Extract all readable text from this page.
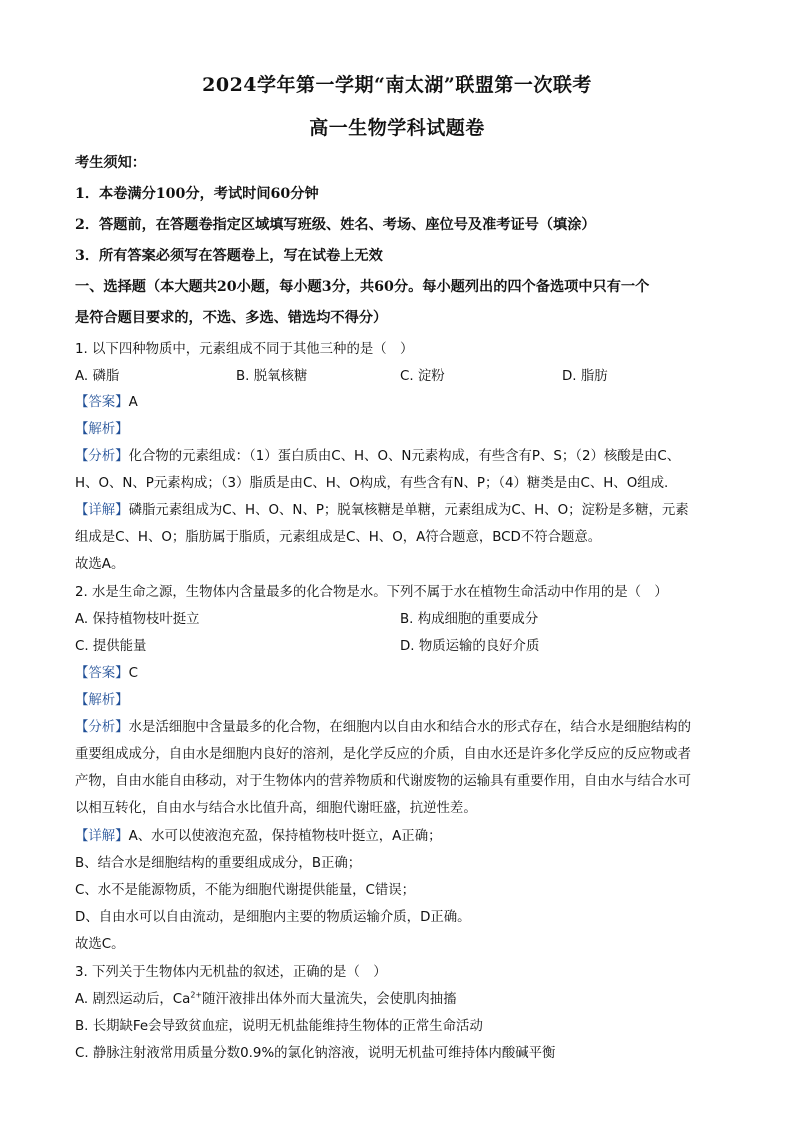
2024学年第一学期“南太湖”联盟第一次联考
高一生物学科试题卷
考生须知：
1．本卷满分100分，考试时间60分钟
2．答题前，在答题卷指定区域填写班级、姓名、考场、座位号及准考证号（填涂）
3．所有答案必须写在答题卷上，写在试卷上无效
一、选择题（本大题共20小题，每小题3分，共60分。每小题列出的四个备选项中只有一个
是符合题目要求的，不选、多选、错选均不得分）
1. 以下四种物质中，元素组成不同于其他三种的是（　）
A. 磷脂	B. 脱氧核糖	C. 淀粉	D. 脂肪
【答案】A
【解析】
【分析】化合物的元素组成：（1）蛋白质由C、H、O、N元素构成，有些含有P、S；（2）核酸是由C、
H、O、N、P元素构成；（3）脂质是由C、H、O构成，有些含有N、P；（4）糖类是由C、H、O组成.
【详解】磷脂元素组成为C、H、O、N、P；脱氧核糖是单糖，元素组成为C、H、O；淀粉是多糖，元素
组成是C、H、O；脂肪属于脂质，元素组成是C、H、O，A符合题意，BCD不符合题意。
故选A。
2. 水是生命之源，生物体内含量最多的化合物是水。下列不属于水在植物生命活动中作用的是（　）
A. 保持植物枝叶挺立	B. 构成细胞的重要成分
C. 提供能量	D. 物质运输的良好介质
【答案】C
【解析】
【分析】水是活细胞中含量最多的化合物，在细胞内以自由水和结合水的形式存在，结合水是细胞结构的
重要组成成分，自由水是细胞内良好的溶剂，是化学反应的介质，自由水还是许多化学反应的反应物或者
产物，自由水能自由移动，对于生物体内的营养物质和代谢废物的运输具有重要作用，自由水与结合水可
以相互转化，自由水与结合水比值升高，细胞代谢旺盛，抗逆性差。
【详解】A、水可以使液泡充盈，保持植物枝叶挺立，A正确；
B、结合水是细胞结构的重要组成成分，B正确；
C、水不是能源物质，不能为细胞代谢提供能量，C错误；
D、自由水可以自由流动，是细胞内主要的物质运输介质，D正确。
故选C。
3. 下列关于生物体内无机盐的叙述，正确的是（　）
A. 剧烈运动后，$Ca^{2+}$随汗液排出体外而大量流失，会使肌肉抽搐
B. 长期缺Fe会导致贫血症，说明无机盐能维持生物体的正常生命活动
C. 静脉注射液常用质量分数0.9%的氯化钠溶液，说明无机盐可维持体内酸碱平衡
